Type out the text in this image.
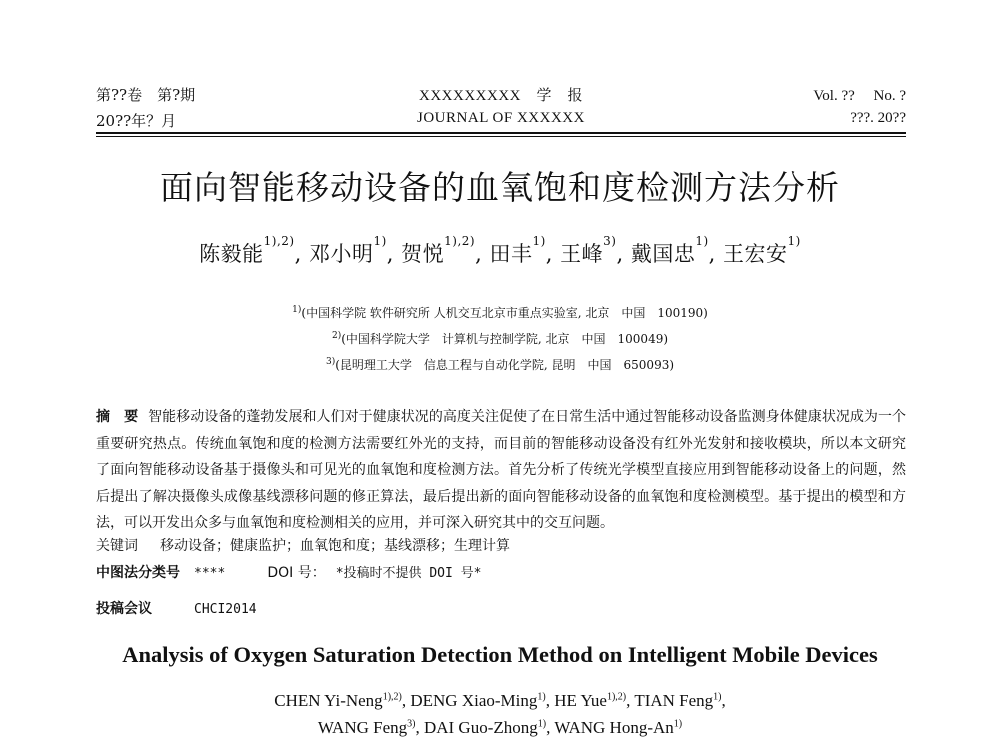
第??卷　第?期	XXXXXXXXX　学　报	Vol. ??　 No. ?
20??年？月	JOURNAL OF XXXXXX	???. 20??
面向智能移动设备的血氧饱和度检测方法分析
陈毅能$^{1),2)}$, 邓小明$^{1)}$, 贺悦$^{1),2)}$, 田丰$^{1)}$, 王峰$^{3)}$, 戴国忠$^{1)}$, 王宏安$^{1)}$
$^{1)}$(中国科学院 软件研究所 人机交互北京市重点实验室, 北京　中国　100190)
$^{2)}$(中国科学院大学　计算机与控制学院, 北京　中国　100049)
$^{3)}$(昆明理工大学　信息工程与自动化学院, 昆明　中国　650093)
摘　要 智能移动设备的蓬勃发展和人们对于健康状况的高度关注促使了在日常生活中通过智能移动设备监测身体健康状况成为一个重要研究热点。传统血氧饱和度的检测方法需要红外光的支持，而目前的智能移动设备没有红外光发射和接收模块，所以本文研究了面向智能移动设备基于摄像头和可见光的血氧饱和度检测方法。首先分析了传统光学模型直接应用到智能移动设备上的问题，然后提出了解决摄像头成像基线漂移问题的修正算法，最后提出新的面向智能移动设备的血氧饱和度检测模型。基于提出的模型和方法，可以开发出众多与血氧饱和度检测相关的应用，并可深入研究其中的交互问题。
关键词 移动设备；健康监护；血氧饱和度；基线漂移；生理计算
中图法分类号 ****	DOI 号： *投稿时不提供 DOI 号*
投稿会议	CHCI2014
Analysis of Oxygen Saturation Detection Method on Intelligent Mobile Devices
CHEN Yi-Neng$^{1),2)}$, DENG Xiao-Ming$^{1)}$, HE Yue$^{1),2)}$, TIAN Feng$^{1)}$,
WANG Feng$^{3)}$, DAI Guo-Zhong$^{1)}$, WANG Hong-An$^{1)}$
